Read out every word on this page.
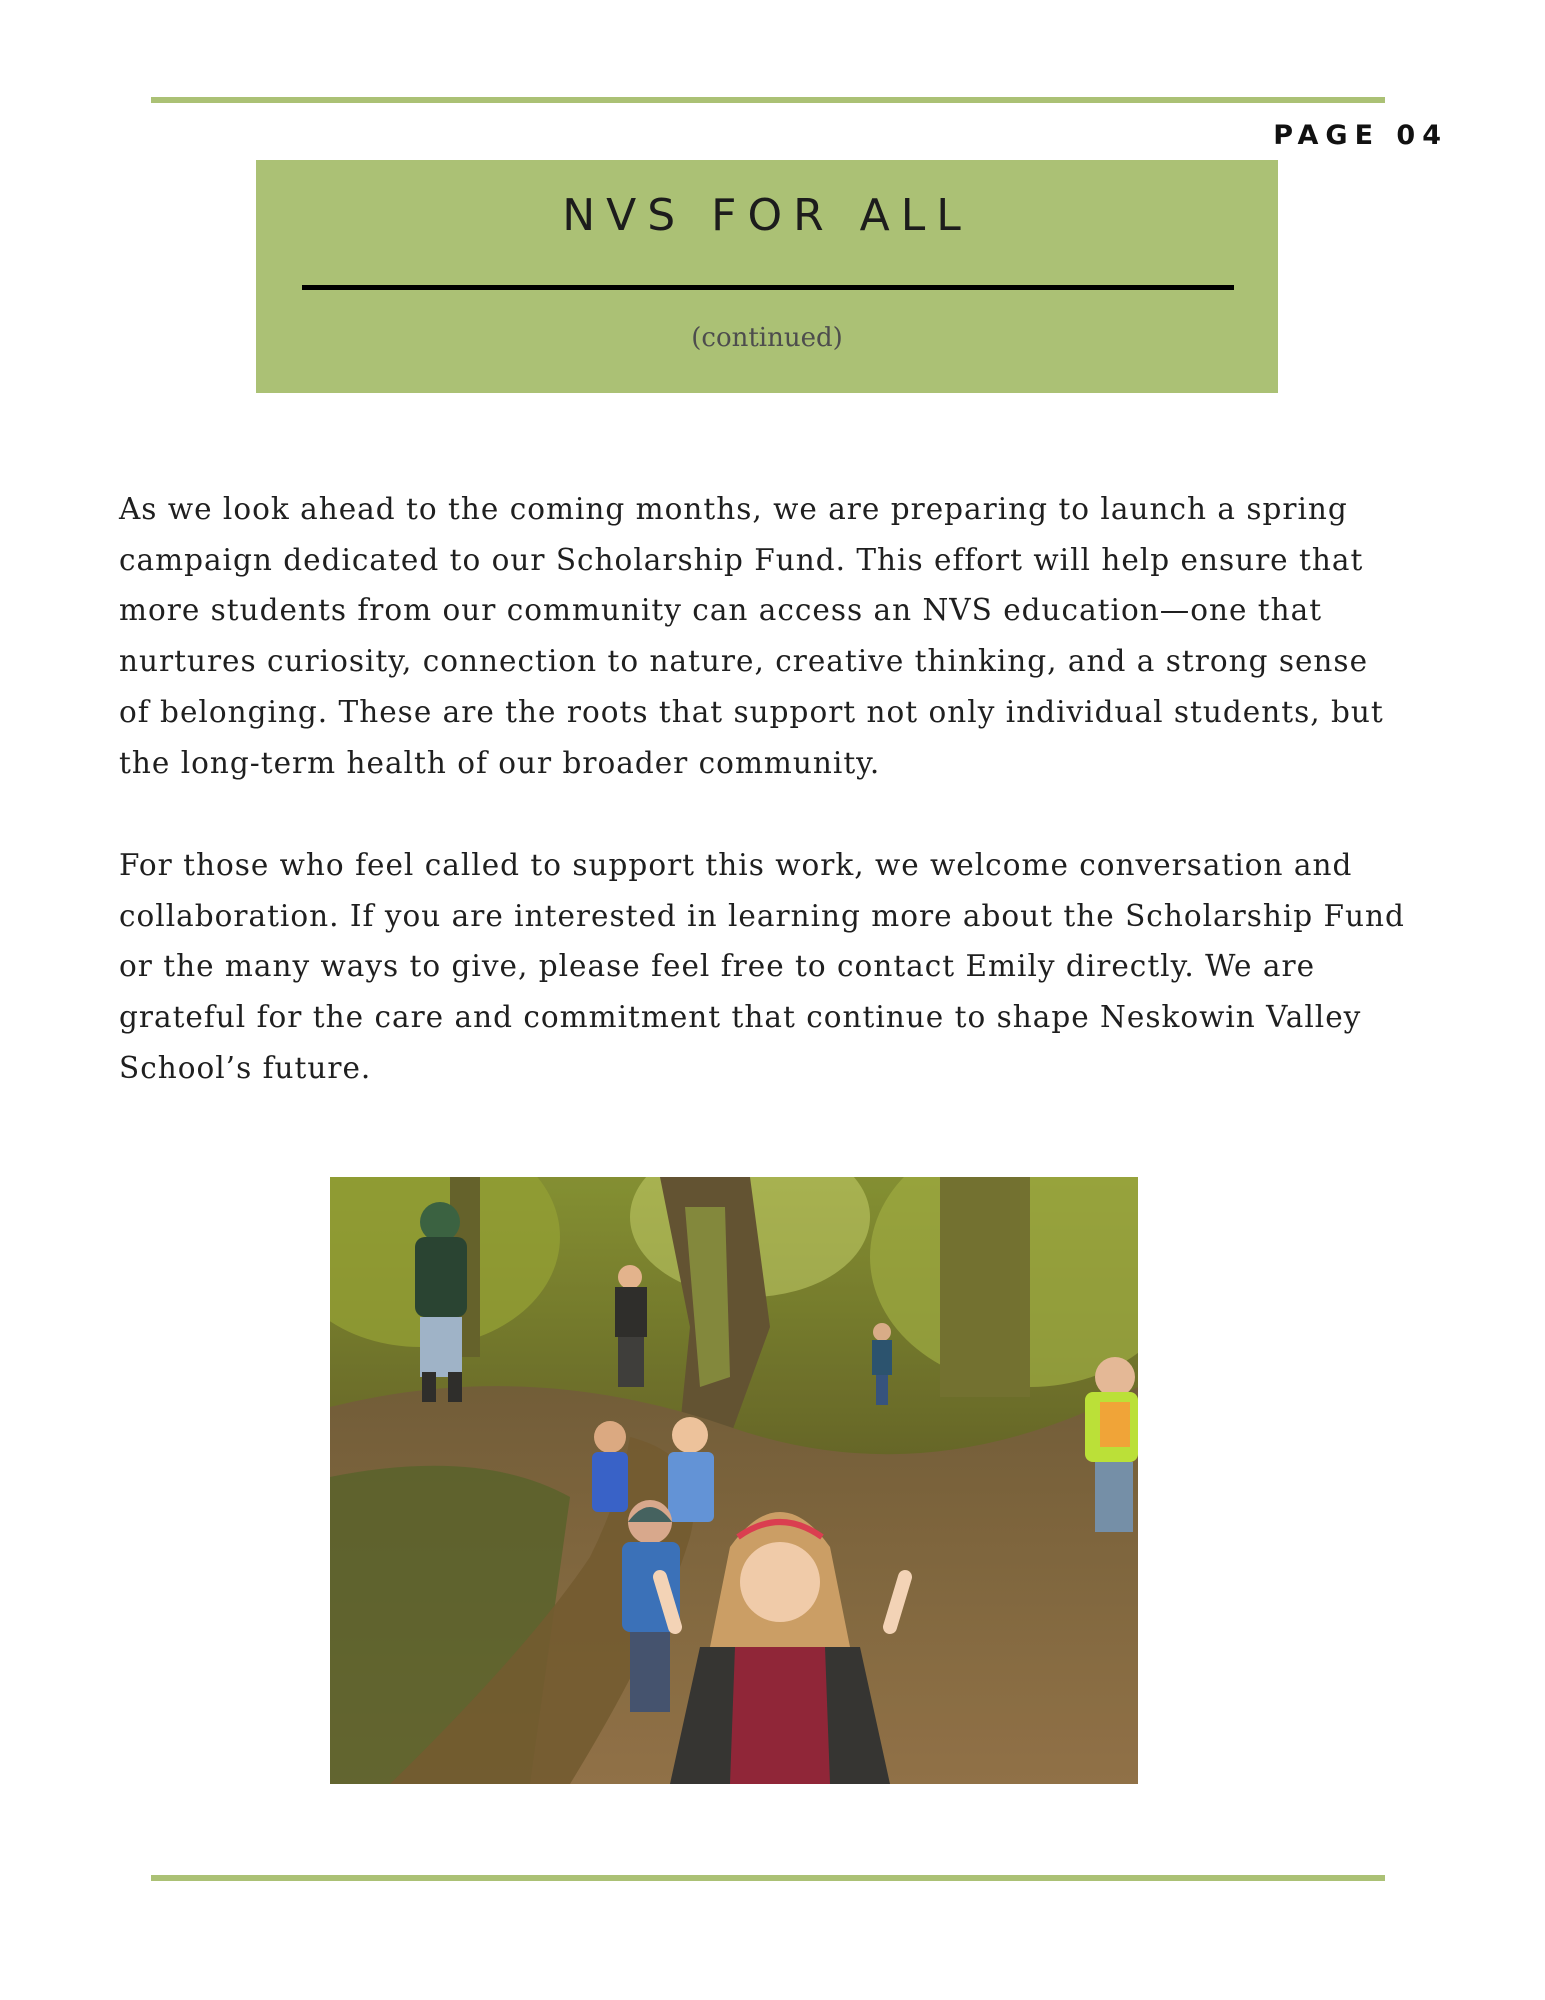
PAGE 04
NVS FOR ALL
(continued)

As we look ahead to the coming months, we are preparing to launch a spring campaign dedicated to our Scholarship Fund. This effort will help ensure that more students from our community can access an NVS education—one that nurtures curiosity, connection to nature, creative thinking, and a strong sense of belonging. These are the roots that support not only individual students, but the long-term health of our broader community.

For those who feel called to support this work, we welcome conversation and collaboration. If you are interested in learning more about the Scholarship Fund or the many ways to give, please feel free to contact Emily directly. We are grateful for the care and commitment that continue to shape Neskowin Valley School’s future.
